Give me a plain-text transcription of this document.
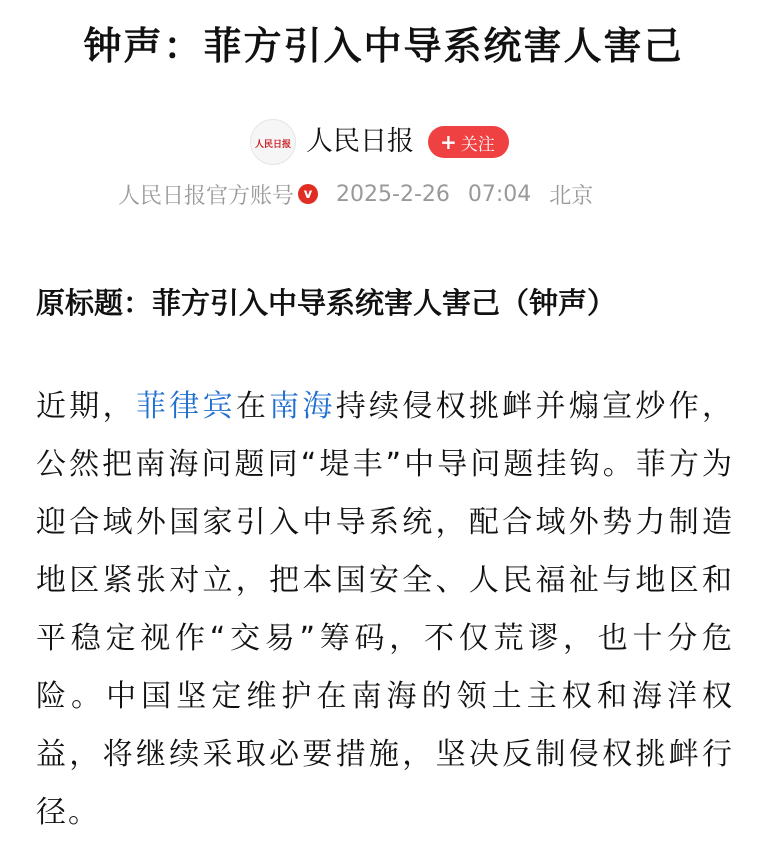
钟声：菲方引入中导系统害人害己
人民日报 人民日报 + 关注
人民日报官方账号 v 2025-2-26 07:04 北京
原标题：菲方引入中导系统害人害己（钟声）
近期，菲律宾在南海持续侵权挑衅并煽宣炒作，公然把南海问题同“堤丰”中导问题挂钩。菲方为迎合域外国家引入中导系统，配合域外势力制造地区紧张对立，把本国安全、人民福祉与地区和平稳定视作“交易”筹码，不仅荒谬，也十分危险。中国坚定维护在南海的领土主权和海洋权益，将继续采取必要措施，坚决反制侵权挑衅行径。
